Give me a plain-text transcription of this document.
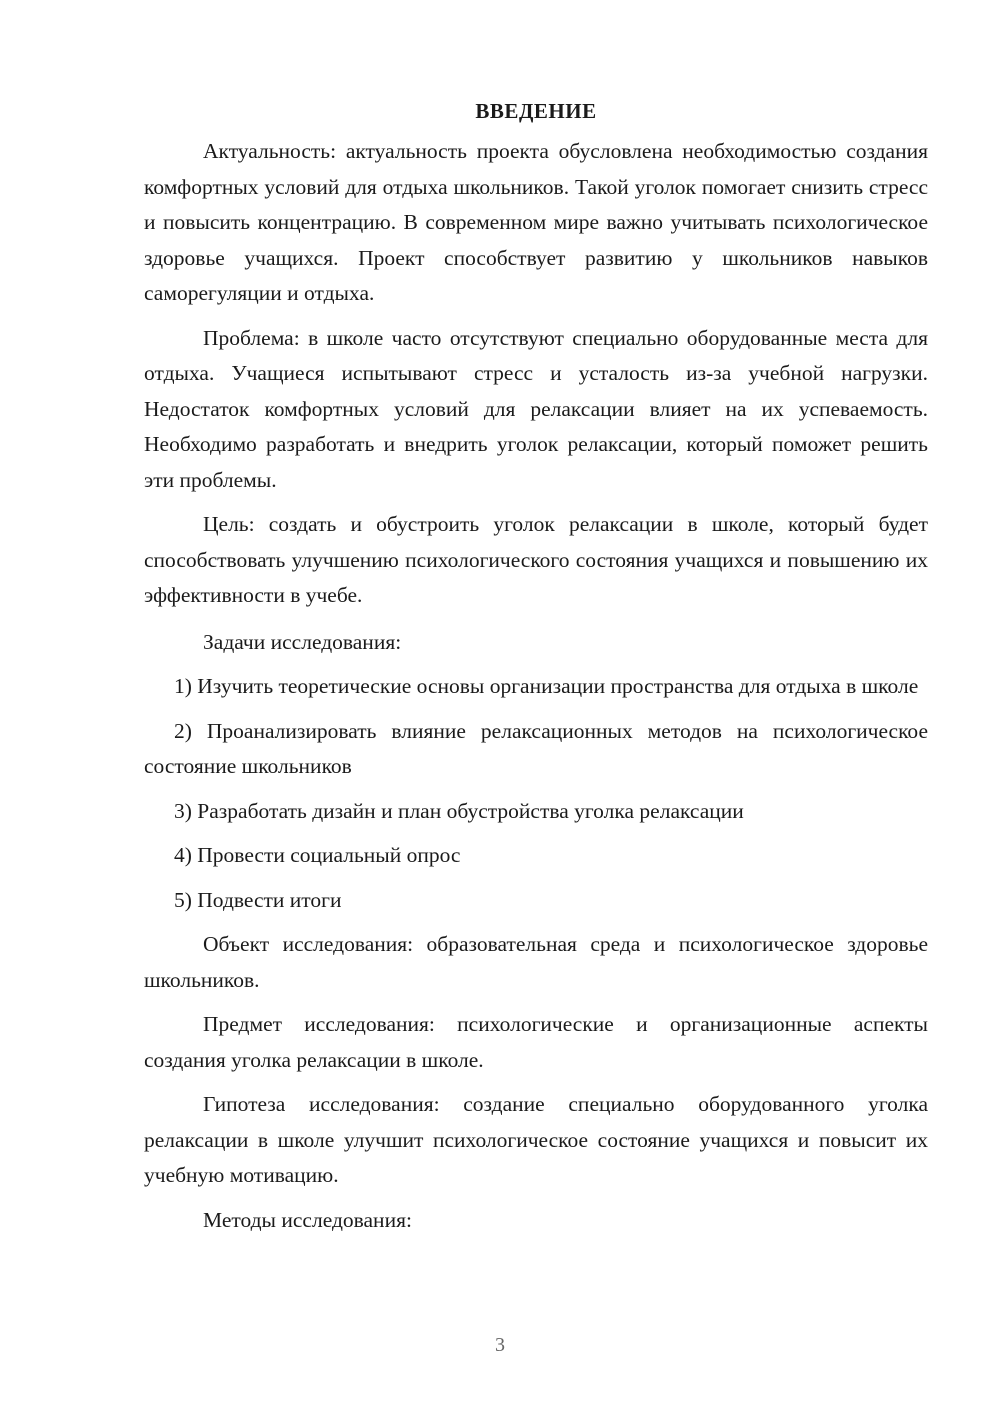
ВВЕДЕНИЕ

Актуальность: актуальность проекта обусловлена необходимостью создания комфортных условий для отдыха школьников. Такой уголок помогает снизить стресс и повысить концентрацию. В современном мире важно учитывать психологическое здоровье учащихся. Проект способствует развитию у школьников навыков саморегуляции и отдыха.

Проблема: в школе часто отсутствуют специально оборудованные места для отдыха. Учащиеся испытывают стресс и усталость из-за учебной нагрузки. Недостаток комфортных условий для релаксации влияет на их успеваемость. Необходимо разработать и внедрить уголок релаксации, который поможет решить эти проблемы.

Цель: создать и обустроить уголок релаксации в школе, который будет способствовать улучшению психологического состояния учащихся и повышению их эффективности в учебе.

Задачи исследования:

1) Изучить теоретические основы организации пространства для отдыха в школе

2) Проанализировать влияние релаксационных методов на психологическое состояние школьников

3) Разработать дизайн и план обустройства уголка релаксации

4) Провести социальный опрос

5) Подвести итоги

Объект исследования: образовательная среда и психологическое здоровье школьников.

Предмет исследования: психологические и организационные аспекты создания уголка релаксации в школе.

Гипотеза исследования: создание специально оборудованного уголка релаксации в школе улучшит психологическое состояние учащихся и повысит их учебную мотивацию.

Методы исследования:

3
